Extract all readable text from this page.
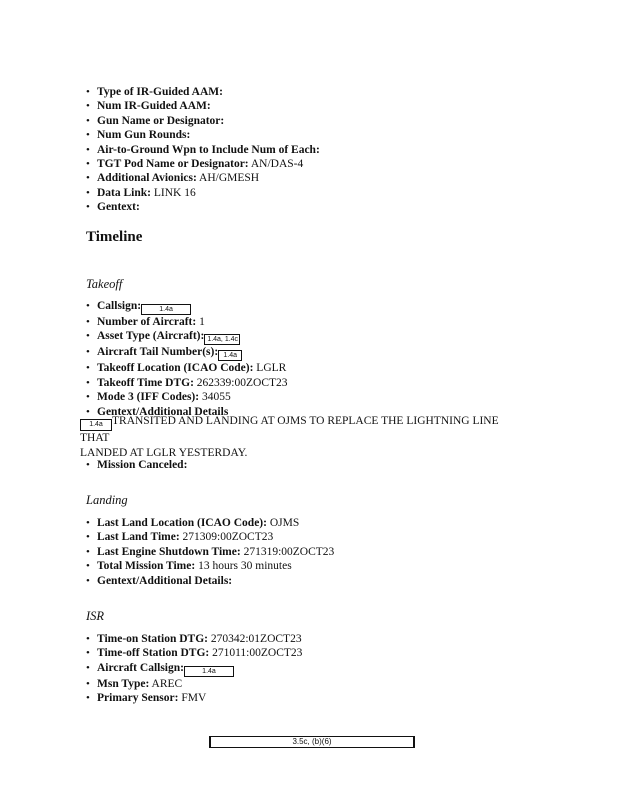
• Type of IR-Guided AAM:
• Num IR-Guided AAM:
• Gun Name or Designator:
• Num Gun Rounds:
• Air-to-Ground Wpn to Include Num of Each:
• TGT Pod Name or Designator: AN/DAS-4
• Additional Avionics: AH/GMESH
• Data Link: LINK 16
• Gentext:
Timeline
Takeoff
• Callsign:	1.4a
• Number of Aircraft: 1
• Asset Type (Aircraft): 1.4a, 1.4c
• Aircraft Tail Number(s): 1.4a
• Takeoff Location (ICAO Code): LGLR
• Takeoff Time DTG: 262339:00ZOCT23
• Mode 3 (IFF Codes): 34055
• Gentext/Additional Details
1.4a TRANSITED AND LANDING AT OJMS TO REPLACE THE LIGHTNING LINE THAT
LANDED AT LGLR YESTERDAY.
• Mission Canceled:
Landing
• Last Land Location (ICAO Code): OJMS
• Last Land Time: 271309:00ZOCT23
• Last Engine Shutdown Time: 271319:00ZOCT23
• Total Mission Time: 13 hours 30 minutes
• Gentext/Additional Details:
ISR
• Time-on Station DTG: 270342:01ZOCT23
• Time-off Station DTG: 271011:00ZOCT23
• Aircraft Callsign:	1.4a
• Msn Type: AREC
• Primary Sensor: FMV
3.5c, (b)(6)
